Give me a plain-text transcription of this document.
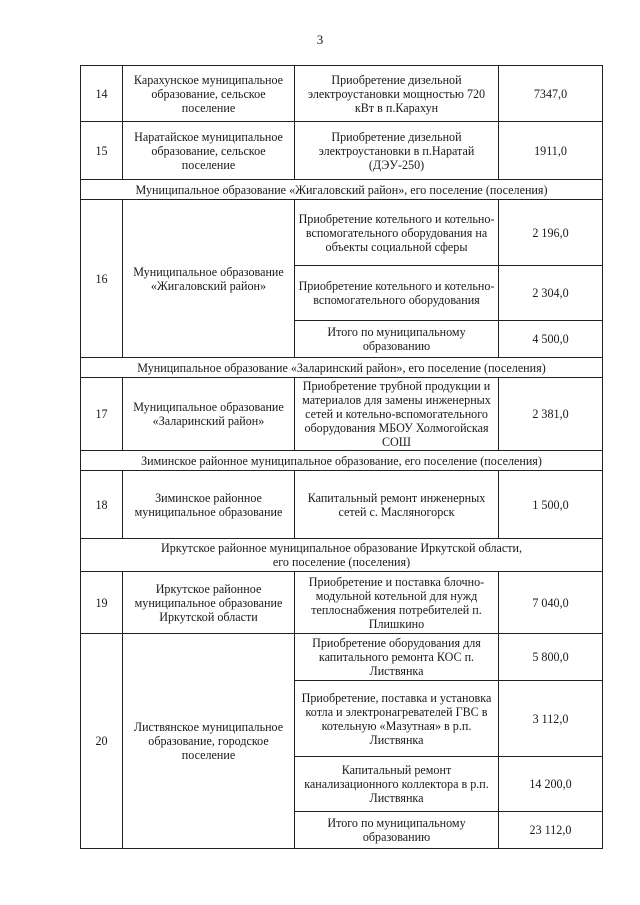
3
14	Карахунское муниципальное образование, сельское поселение	Приобретение дизельной электроустановки мощностью 720 кВт в п.Карахун	7347,0
15	Наратайское муниципальное образование, сельское поселение	Приобретение дизельной электроустановки в п.Наратай (ДЭУ-250)	1911,0
Муниципальное образование «Жигаловский район», его поселение (поселения)			
16	Муниципальное образование «Жигаловский район»	Приобретение котельного и котельно-вспомогательного оборудования на объекты социальной сферы	2 196,0
		Приобретение котельного и котельно-вспомогательного оборудования	2 304,0
		Итого по муниципальному образованию	4 500,0
Муниципальное образование «Заларинский район», его поселение (поселения)			
17	Муниципальное образование «Заларинский район»	Приобретение трубной продукции и материалов для замены инженерных сетей и котельно-вспомогательного оборудования МБОУ Холмогойская СОШ	2 381,0
Зиминское районное муниципальное образование, его поселение (поселения)			
18	Зиминское районное муниципальное образование	Капитальный ремонт инженерных сетей с. Масляногорск	1 500,0

Иркутское районное муниципальное образование Иркутской области,
его поселение (поселения)			

19	Иркутское районное муниципальное образование Иркутской области	Приобретение и поставка блочно-модульной котельной для нужд теплоснабжения потребителей п. Плишкино	7 040,0
20	Листвянское муниципальное образование, городское поселение	Приобретение оборудования для капитального ремонта КОС п. Листвянка	5 800,0
		Приобретение, поставка и установка котла и электронагревателей ГВС в котельную «Мазутная» в р.п. Листвянка	3 112,0
		Капитальный ремонт канализационного коллектора в р.п. Листвянка	14 200,0
		Итого по муниципальному образованию	23 112,0
